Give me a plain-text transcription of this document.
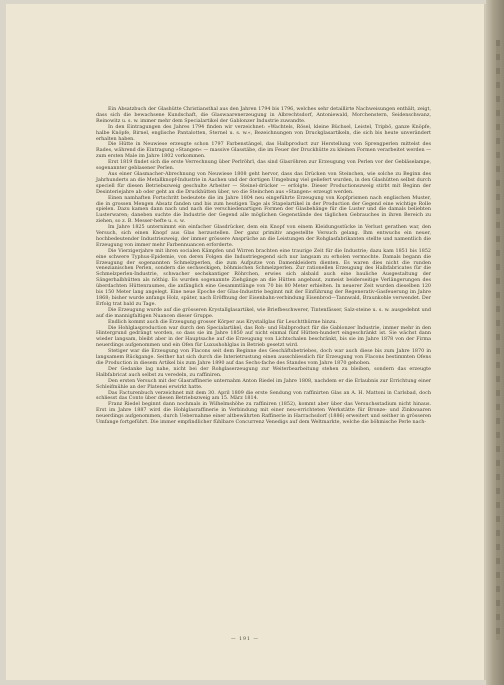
Ein Absatzbuch der Glashütte Christiansthal aus den Jahren 1794 bis 1796, welches sehr detaillirte Nachweisungen enthält, zeigt, dass sich die bewachsene Kundschaft, die Glaswaarenerzeugung in Albrechtsdorf, Antoniewald, Morchenstern, Seidenschwanz, Reinowitz u. s. w. immer mehr dem Specialartikel der Gablonzer Industrie zuwandte.

In den Eintragungen des Jahres 1794 finden wir verzeichnet: »Wachtels, Rösel, kleine Büchsel, Leistel, Tripbö, ganze Knöpfe, halbe Knöpfe, Birnel, englische Pantalotten, Sternel u. s. w.«, Bezeichnungen von Druckglasartikeln, die sich bis heute unverändert erhalten haben.

Die Hütte in Neuwiese erzeugte schon 1797 Farbenstängel, das Halbproduct zur Herstellung von Sprengperlen mittelst des Rades, während die Eintragung »Stangen« — massive Glasstäbe, die im Feuer der Druckhütte zu kleinen Formen verarbeitet werden — zum ersten Male im Jahre 1802 vorkommen.

Erst 1819 findet sich die erste Verrechnung über Perlröhrl, das sind Glasröhren zur Erzeugung von Perlen vor der Gebläselampe, sogenannter geblasener Perlen.

Aus einer Glasmacher-Abrechnung von Neuwiese 1808 geht hervor, dass das Drücken von Steinchen, wie solche zu Beginn des Jahrhunderts an die Metallknopf-Industrie in Aachen und der dortigen Umgebung viel geliefert wurden, in den Glashütten selbst durch speciell für diesen Betriebszweig geschulte Arbeiter — Steinel-drücker — erfolgte. Dieser Productionszweig stirbt mit Beginn der Desinteriejahre ab oder geht an die Druckhütten über, wo die Steinchen aus »Stangen« erzeugt werden.

Einen namhaften Fortschritt bedeutete die im Jahre 1804 neu eingeführte Erzeugung von Kopfprismen nach englischen Muster, die in grossen Mengen Absatz fanden und bis zum heutigen Tage als Stapelartikel in der Production der Gegend eine wichtige Rolle spielen. Dazu kamen dann nach und nach die verschiedenartigen Formen der Glasbehänge für die Luster und die damals beliebten Lusterwaren; daneben suchte die Industrie der Gegend alle möglichen Gegenstände des täglichen Gebrauches in ihren Bereich zu ziehen, so z. B. Messer-hefte u. s. w.

Im Jahre 1825 unternimmt ein einfacher Glasdrücker, dem ein Knopf von einem Kleidungsstücke in Verlust gerathen war, den Versuch, sich einen Knopf aus Glas herzustellen. Der ganz primitiv angestellte Versuch gelang. Ihm entwuchs ein neuer, hochbedeutender Industriezweig, der immer grössere Ansprüche an die Leistungen der Rohglasfabrikanten stellte und namentlich die Erzeugung von immer mehr Farbennuancen erforderte.

Die Vierzigerjahre mit ihren socialen Kämpfen und Wirren brachten eine traurige Zeit für die Industrie; dazu kam 1851 bis 1852 eine schwere Typhus-Epidemie, von deren Folgen die Industriegegend sich nur langsam zu erholen vermochte. Damals begann die Erzeugung der sogenannten Schmelzperlen, die zum Aufputze von Damenkleidern dienten. Es waren dies nicht die runden venezianischen Perlen, sondern die sechseckigen, böhmischen Schmelzperlen. Zur rationellen Erzeugung des Halbfabricates für die Schmelzperlen-Industrie, schwacher sechskantiger Röhrchen, erwies sich alsbald auch eine bauliche Ausgestaltung der Sängerhalbhütten als nöthig. Es wurden sogenannte Ziehgänge an die Hütten angebaut, zumeist beiderseitige Verlängerungen des überdachten Hüttenraumes, die anfänglich eine Gesammtlänge von 70 bis 80 Meter erhielten. In neuerer Zeit wurden dieselben 120 bis 150 Meter lang angelegt. Eine neue Epoche der Glas-Industrie beginnt mit der Einführung der Regenerativ-Gasfeuerung im Jahre 1868; bisher wurde anfangs Holz, später, nach Eröffnung der Eisenbahn-verbindung Eisenbrod—Tannwald, Braunkohle verwendet. Der Erfolg trat bald zu Tage.

Die Erzeugung wurde auf die grösseren Krystallglasartikel, wie Briefbeschwerer, Tintenfässer, Salz-steine u. s. w. ausgedehnt und auf die mannigfaltigen Nuancen dieser Gruppe.

Endlich kommt auch die Erzeugung grosser Körper aus Krystallglas für Leuchtthürme hinzu.

Die Hohlglasproduction war durch den Specialartikel, das Roh- und Halbproduct für die Gablonzer Industrie, immer mehr in den Hintergrund gedrängt worden, so dass sie im Jahre 1850 auf nicht einmal fünf Hütten-hundert eingeschränkt ist. Sie wächst dann wieder langsam, bleibt aber in der Hauptsache auf die Erzeugung von Lichtschalen beschränkt, bis sie im Jahre 1878 von der Firma neuerdings aufgenommen und ein Ofen für Luxushohlglas in Betrieb gesetzt wird.

Stetiger war die Erzeugung von Flacons seit dem Beginne des Geschäftsbetriebes, doch war auch diese bis zum Jahre 1870 in langsamem Rückgange. Seither hat sich durch die Interietrustung einen ausschliesslich für Erzeugung von Flacons bestimmten Ofens die Production in diesem Artikel bis zum Jahre 1890 auf das Sechs-fache des Standes vom Jahre 1870 gehoben.

Der Gedanke lag nahe, nicht bei der Rohglaserzeugung zur Weiterbearbeitung stehen zu bleiben, sondern das erzeugte Halbfabricat auch selbst zu veredeln, zu raffiniren.

Den ersten Versuch mit der Glasraffinerie unternahm Anton Riedel im Jahre 1808, nachdem er die Erlaubnis zur Errichtung einer Schleifmühle an der Platenei erwirkt hatte.

Das Facturenbuch verzeichnet mit dem 30. April 1809 die erste Sendung von raffinirten Glas an A. H. Mattoni in Carlsbad, doch schliesst das Conto über diesen Betriebszweig am 15. März 1814.

Franz Riedel beginnt dann nochmals in Wilhelmshöhe zu raffiniren (1852), kommt aber über das Versuchsstadium nicht hinaus. Erst im Jahre 1887 wird die Hohlglasraffinerie in Verbindung mit einer neu-errichteten Werkstätte für Bronze- und Zinkwaaren neuerdings aufgenommen, durch Uebernahme einer altbewährten Raffinerie in Harrachsdorf (1886) erweitert und seither in grösseren Umfange fortgeführt. Die immer empfindlicher fühlbare Concurrenz Venedigs auf dem Weltmarkte, welche die böhmische Perle nach-

— 191 —
